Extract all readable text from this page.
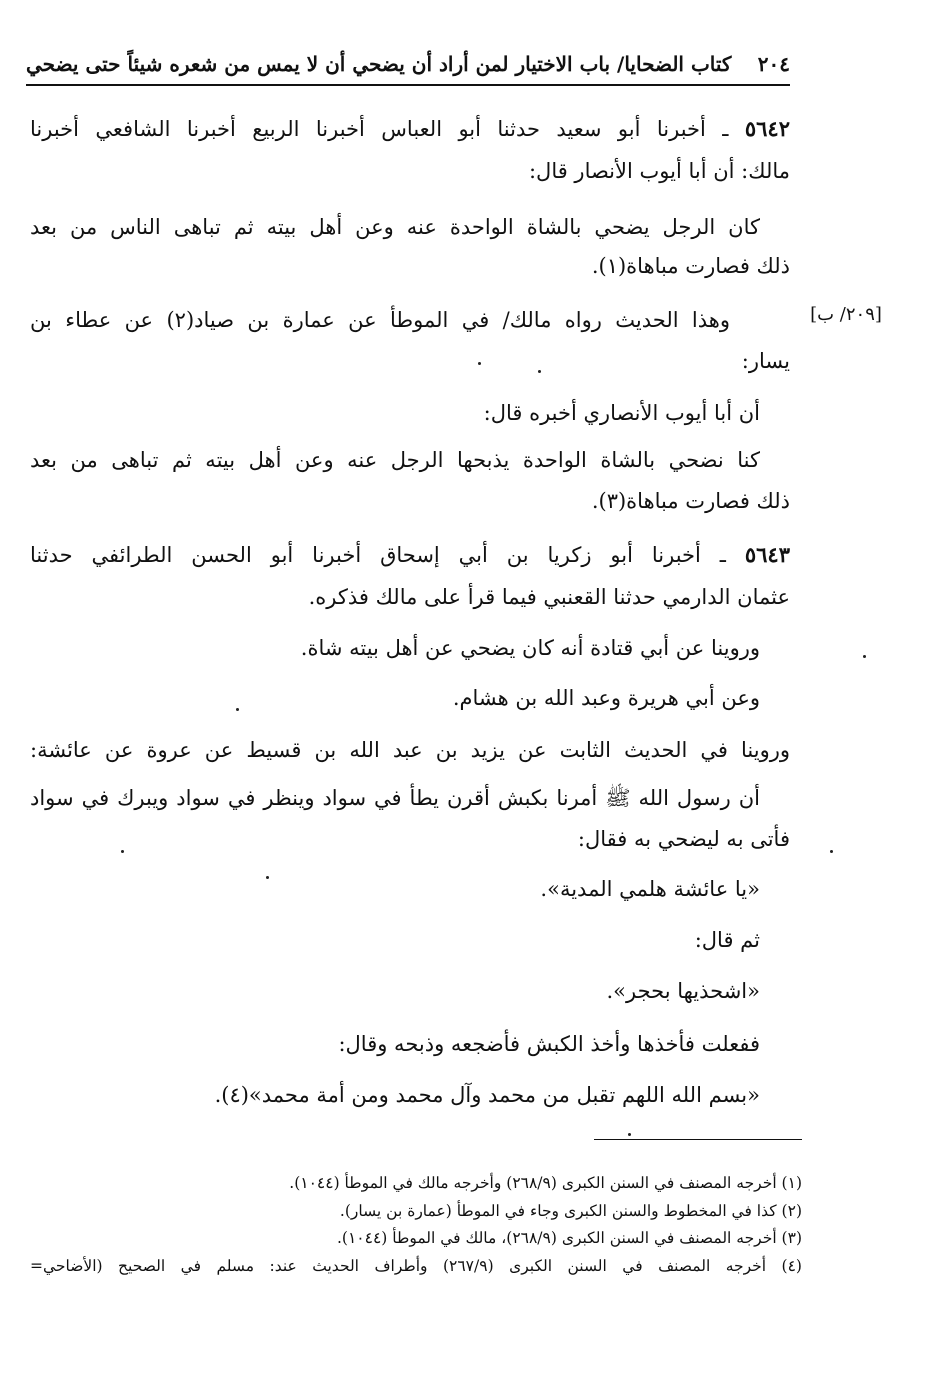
٢٠٤
كتاب الضحايا/ باب الاختيار لمن أراد أن يضحي أن لا يمس من شعره شيئاً حتى يضحي
[٢٠٩/ ب]
٥٦٤٢ ـ أخبرنا أبو سعيد حدثنا أبو العباس أخبرنا الربيع أخبرنا الشافعي أخبرنا
مالك: أن أبا أيوب الأنصار قال:
كان الرجل يضحي بالشاة الواحدة عنه وعن أهل بيته ثم تباهى الناس من بعد
ذلك فصارت مباهاة(١).
وهذا الحديث رواه مالك/ في الموطأ عن عمارة بن صياد(٢) عن عطاء بن
يسار:
أن أبا أيوب الأنصاري أخبره قال:
كنا نضحي بالشاة الواحدة يذبحها الرجل عنه وعن أهل بيته ثم تباهى من بعد
ذلك فصارت مباهاة(٣).
٥٦٤٣ ـ أخبرنا أبو زكريا بن أبي إسحاق أخبرنا أبو الحسن الطرائفي حدثنا
عثمان الدارمي حدثنا القعنبي فيما قرأ على مالك فذكره.
وروينا عن أبي قتادة أنه كان يضحي عن أهل بيته شاة.
وعن أبي هريرة وعبد الله بن هشام.
وروينا في الحديث الثابت عن يزيد بن عبد الله بن قسيط عن عروة عن عائشة:
أن رسول الله ﷺ أمرنا بكبش أقرن يطأ في سواد وينظر في سواد ويبرك في سواد
فأتى به ليضحي به فقال:
«يا عائشة هلمي المدية».
ثم قال:
«اشحذيها بحجر».
ففعلت فأخذها وأخذ الكبش فأضجعه وذبحه وقال:
«بسم الله اللهم تقبل من محمد وآل محمد ومن أمة محمد»(٤).
(١) أخرجه المصنف في السنن الكبرى (٢٦٨/٩) وأخرجه مالك في الموطأ (١٠٤٤).
(٢) كذا في المخطوط والسنن الكبرى وجاء في الموطأ (عمارة بن يسار).
(٣) أخرجه المصنف في السنن الكبرى (٢٦٨/٩)، مالك في الموطأ (١٠٤٤).
(٤) أخرجه المصنف في السنن الكبرى (٢٦٧/٩) وأطراف الحديث عند: مسلم في الصحيح (الأضاحي=
